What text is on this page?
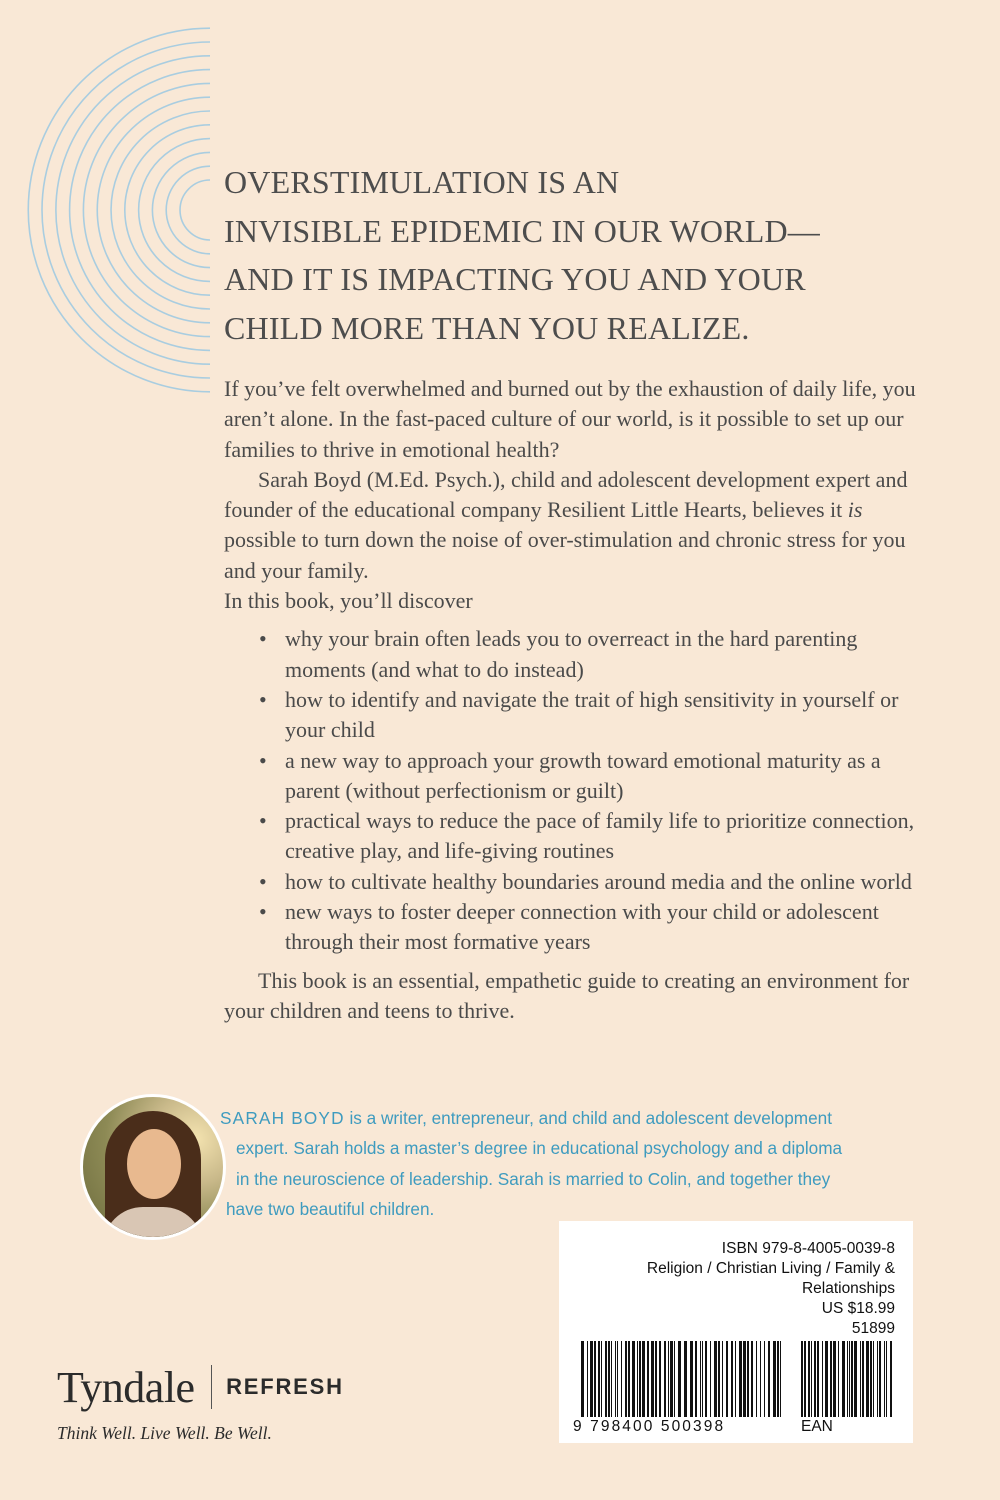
OVERSTIMULATION IS AN
INVISIBLE EPIDEMIC IN OUR WORLD—
AND IT IS IMPACTING YOU AND YOUR
CHILD MORE THAN YOU REALIZE.

If you’ve felt overwhelmed and burned out by the exhaustion of daily life, you aren’t alone. In the fast-paced culture of our world, is it possible to set up our families to thrive in emotional health?

Sarah Boyd (M.Ed. Psych.), child and adolescent development expert and founder of the educational company Resilient Little Hearts, believes it is possible to turn down the noise of over-stimulation and chronic stress for you and your family.

In this book, you’ll discover

• why your brain often leads you to overreact in the hard parenting moments (and what to do instead)
• how to identify and navigate the trait of high sensitivity in yourself or your child
• a new way to approach your growth toward emotional maturity as a parent (without perfectionism or guilt)
• practical ways to reduce the pace of family life to prioritize connection, creative play, and life-giving routines
• how to cultivate healthy boundaries around media and the online world
• new ways to foster deeper connection with your child or adolescent through their most formative years

This book is an essential, empathetic guide to creating an environment for your children and teens to thrive.

SARAH BOYD is a writer, entrepreneur, and child and adolescent development
expert. Sarah holds a master’s degree in educational psychology and a diploma
in the neuroscience of leadership. Sarah is married to Colin, and together they
have two beautiful children.
ISBN 979-8-4005-0039-8
Religion / Christian Living / Family & Relationships
US $18.99
51899
9 798400 500398	EAN
Tyndale REFRESH
Think Well. Live Well. Be Well.
